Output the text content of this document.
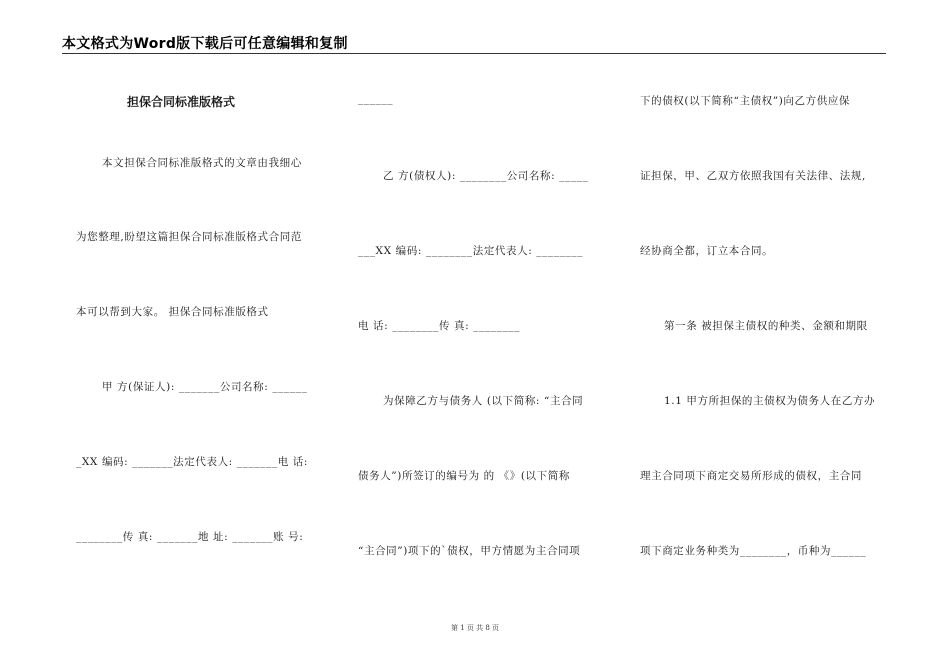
本文格式为Word版下载后可任意编辑和复制
担保合同标准版格式
本文担保合同标准版格式的文章由我细心
为您整理,盼望这篇担保合同标准版格式合同范
本可以帮到大家。 担保合同标准版格式
甲 方(保证人): _______公司名称: ______
_XX 编码: _______法定代表人: _______电 话:
________传 真: _______地 址: _______账 号:
______
乙 方(债权人): ________公司名称: _____
___XX 编码: ________法定代表人: ________
电 话: ________传 真: ________
为保障乙方与债务人 (以下简称: “主合同
债务人”)所签订的编号为 的 《》(以下简称
“主合同”)项下的`债权，甲方情愿为主合同项
下的债权(以下简称“主债权”)向乙方供应保
证担保，甲、乙双方依照我国有关法律、法规,
经协商全都，订立本合同。
第一条 被担保主债权的种类、金额和期限
1.1 甲方所担保的主债权为债务人在乙方办
理主合同项下商定交易所形成的债权，主合同
项下商定业务种类为________，币种为______
第 1 页 共 8 页
